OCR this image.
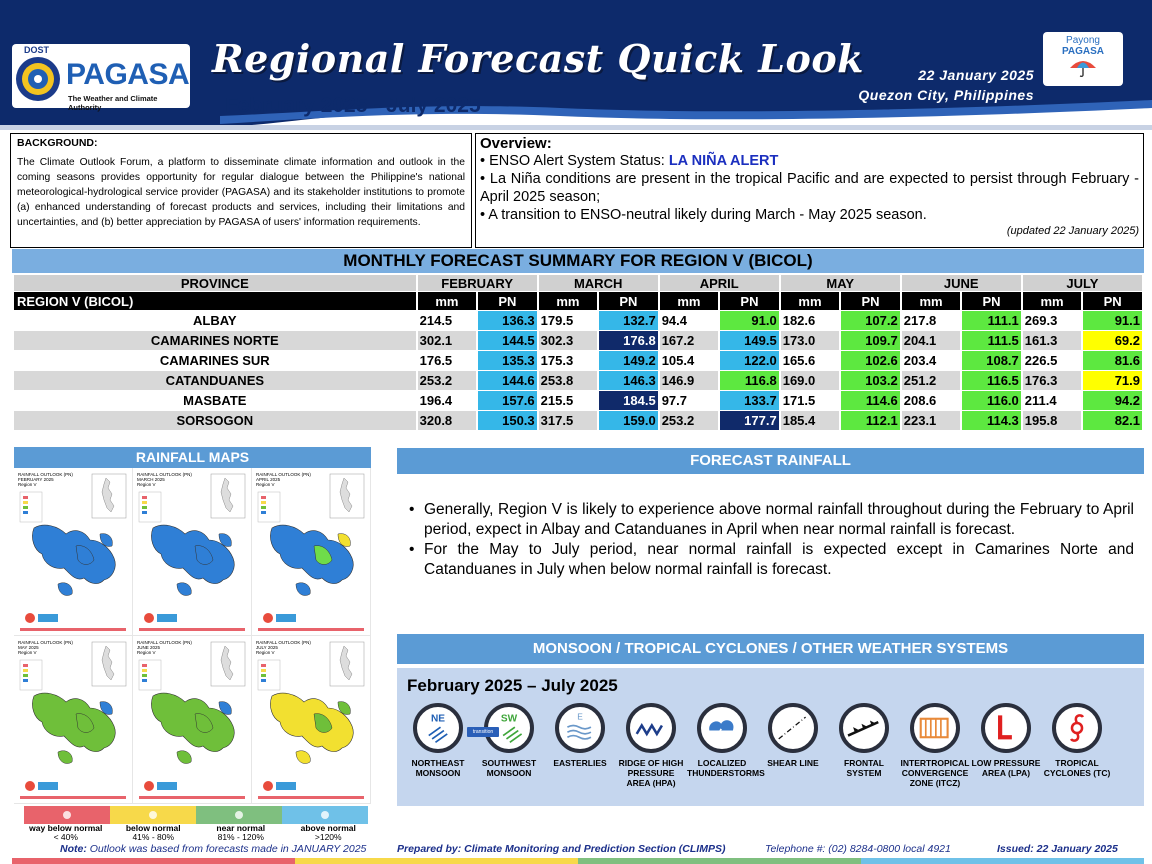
DOST
PAGASA
The Weather and Climate Authority
Regional Forecast Quick Look
February 2025 - July 2025
22 January 2025
Quezon City, Philippines
Payong
PAGASA
BACKGROUND:
The Climate Outlook Forum, a platform to disseminate climate information and outlook in the coming seasons provides opportunity for regular dialogue between the Philippine's national meteorological-hydrological service provider (PAGASA) and its stakeholder institutions to promote (a) enhanced understanding of forecast products and services, including their limitations and uncertainties, and (b) better appreciation by PAGASA of users' information requirements.
Overview:
• ENSO Alert System Status: LA NIÑA ALERT
• La Niña conditions are present in the tropical Pacific and are expected to persist through February - April 2025 season;
• A transition to ENSO-neutral likely during March - May 2025 season.
(updated 22 January 2025)
MONTHLY FORECAST SUMMARY FOR REGION V (BICOL)
PROVINCE	FEBRUARY		MARCH		APRIL		MAY		JUNE		JULY	
REGION V (BICOL)	mm	PN	mm	PN	mm	PN	mm	PN	mm	PN	mm	PN
ALBAY	214.5	136.3	179.5	132.7	94.4	91.0	182.6	107.2	217.8	111.1	269.3	91.1
CAMARINES NORTE	302.1	144.5	302.3	176.8	167.2	149.5	173.0	109.7	204.1	111.5	161.3	69.2
CAMARINES SUR	176.5	135.3	175.3	149.2	105.4	122.0	165.6	102.6	203.4	108.7	226.5	81.6
CATANDUANES	253.2	144.6	253.8	146.3	146.9	116.8	169.0	103.2	251.2	116.5	176.3	71.9
MASBATE	196.4	157.6	215.5	184.5	97.7	133.7	171.5	114.6	208.6	116.0	211.4	94.2
SORSOGON	320.8	150.3	317.5	159.0	253.2	177.7	185.4	112.1	223.1	114.3	195.8	82.1
RAINFALL MAPS
RAINFALL OUTLOOK (PN)
FEBRUARY 2025
Region V
RAINFALL OUTLOOK (PN)
MARCH 2025
Region V
RAINFALL OUTLOOK (PN)
APRIL 2025
Region V
RAINFALL OUTLOOK (PN)
MAY 2025
Region V
RAINFALL OUTLOOK (PN)
JUNE 2025
Region V
RAINFALL OUTLOOK (PN)
JULY 2025
Region V
way below normal
< 40%
below normal
41% - 80%
near normal
81% - 120%
above normal
>120%
FORECAST RAINFALL
• Generally, Region V is likely to experience above normal rainfall throughout during the February to April period, expect in Albay and Catanduanes in April when near normal rainfall is forecast.
• For the May to July period, near normal rainfall is expected except in Camarines Norte and Catanduanes in July when below normal rainfall is forecast.
MONSOON / TROPICAL CYCLONES / OTHER WEATHER SYSTEMS
February 2025 – July 2025
NE
NORTHEAST MONSOON
SW
SOUTHWEST MONSOON
E
EASTERLIES	RIDGE OF HIGH PRESSURE AREA (HPA)
LOCALIZED THUNDERSTORMS
SHEAR LINE	FRONTAL SYSTEM
INTERTROPICAL CONVERGENCE ZONE (ITCZ)
LOW PRESSURE AREA (LPA)
TROPICAL CYCLONES (TC)
transition
Note: Outlook was based from forecasts made in JANUARY 2025	Prepared by: Climate Monitoring and Prediction Section (CLIMPS)	Telephone #: (02) 8284-0800 local 4921	Issued: 22 January 2025
